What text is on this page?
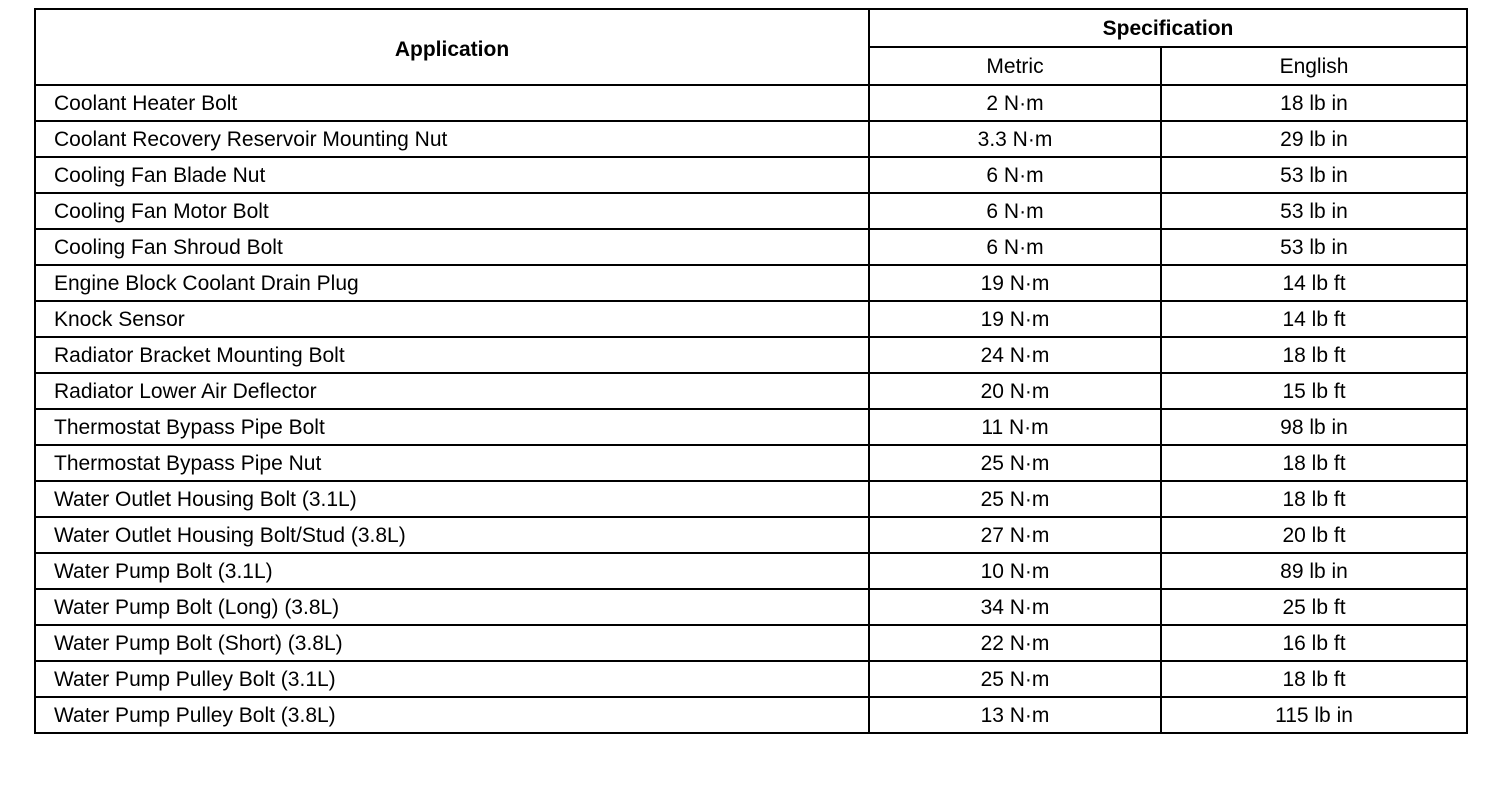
Application	Specification	
	Metric	English
Coolant Heater Bolt	2 N·m	18 lb in
Coolant Recovery Reservoir Mounting Nut	3.3 N·m	29 lb in
Cooling Fan Blade Nut	6 N·m	53 lb in
Cooling Fan Motor Bolt	6 N·m	53 lb in
Cooling Fan Shroud Bolt	6 N·m	53 lb in
Engine Block Coolant Drain Plug	19 N·m	14 lb ft
Knock Sensor	19 N·m	14 lb ft
Radiator Bracket Mounting Bolt	24 N·m	18 lb ft
Radiator Lower Air Deflector	20 N·m	15 lb ft
Thermostat Bypass Pipe Bolt	11 N·m	98 lb in
Thermostat Bypass Pipe Nut	25 N·m	18 lb ft
Water Outlet Housing Bolt (3.1L)	25 N·m	18 lb ft
Water Outlet Housing Bolt/Stud (3.8L)	27 N·m	20 lb ft
Water Pump Bolt (3.1L)	10 N·m	89 lb in
Water Pump Bolt (Long) (3.8L)	34 N·m	25 lb ft
Water Pump Bolt (Short) (3.8L)	22 N·m	16 lb ft
Water Pump Pulley Bolt (3.1L)	25 N·m	18 lb ft
Water Pump Pulley Bolt (3.8L)	13 N·m	115 lb in
